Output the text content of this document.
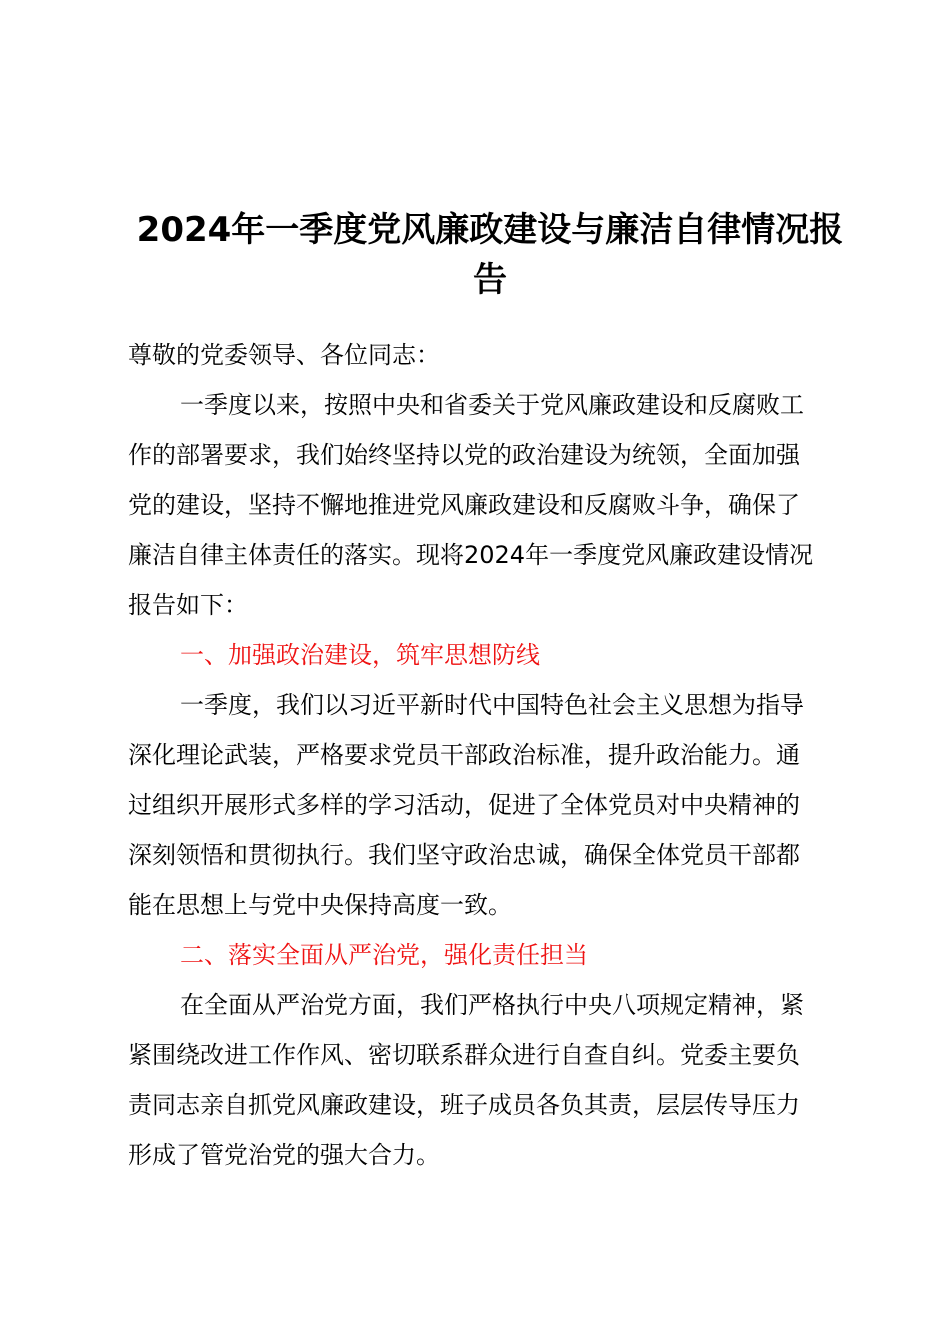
2024年一季度党风廉政建设与廉洁自律情况报
告

尊敬的党委领导、各位同志：

一季度以来，按照中央和省委关于党风廉政建设和反腐败工

作的部署要求，我们始终坚持以党的政治建设为统领，全面加强

党的建设，坚持不懈地推进党风廉政建设和反腐败斗争，确保了

廉洁自律主体责任的落实。现将2024年一季度党风廉政建设情况

报告如下：

一、加强政治建设，筑牢思想防线

一季度，我们以习近平新时代中国特色社会主义思想为指导

深化理论武装，严格要求党员干部政治标准，提升政治能力。通

过组织开展形式多样的学习活动，促进了全体党员对中央精神的

深刻领悟和贯彻执行。我们坚守政治忠诚，确保全体党员干部都

能在思想上与党中央保持高度一致。

二、落实全面从严治党，强化责任担当

在全面从严治党方面，我们严格执行中央八项规定精神，紧

紧围绕改进工作作风、密切联系群众进行自查自纠。党委主要负

责同志亲自抓党风廉政建设，班子成员各负其责，层层传导压力

形成了管党治党的强大合力。
